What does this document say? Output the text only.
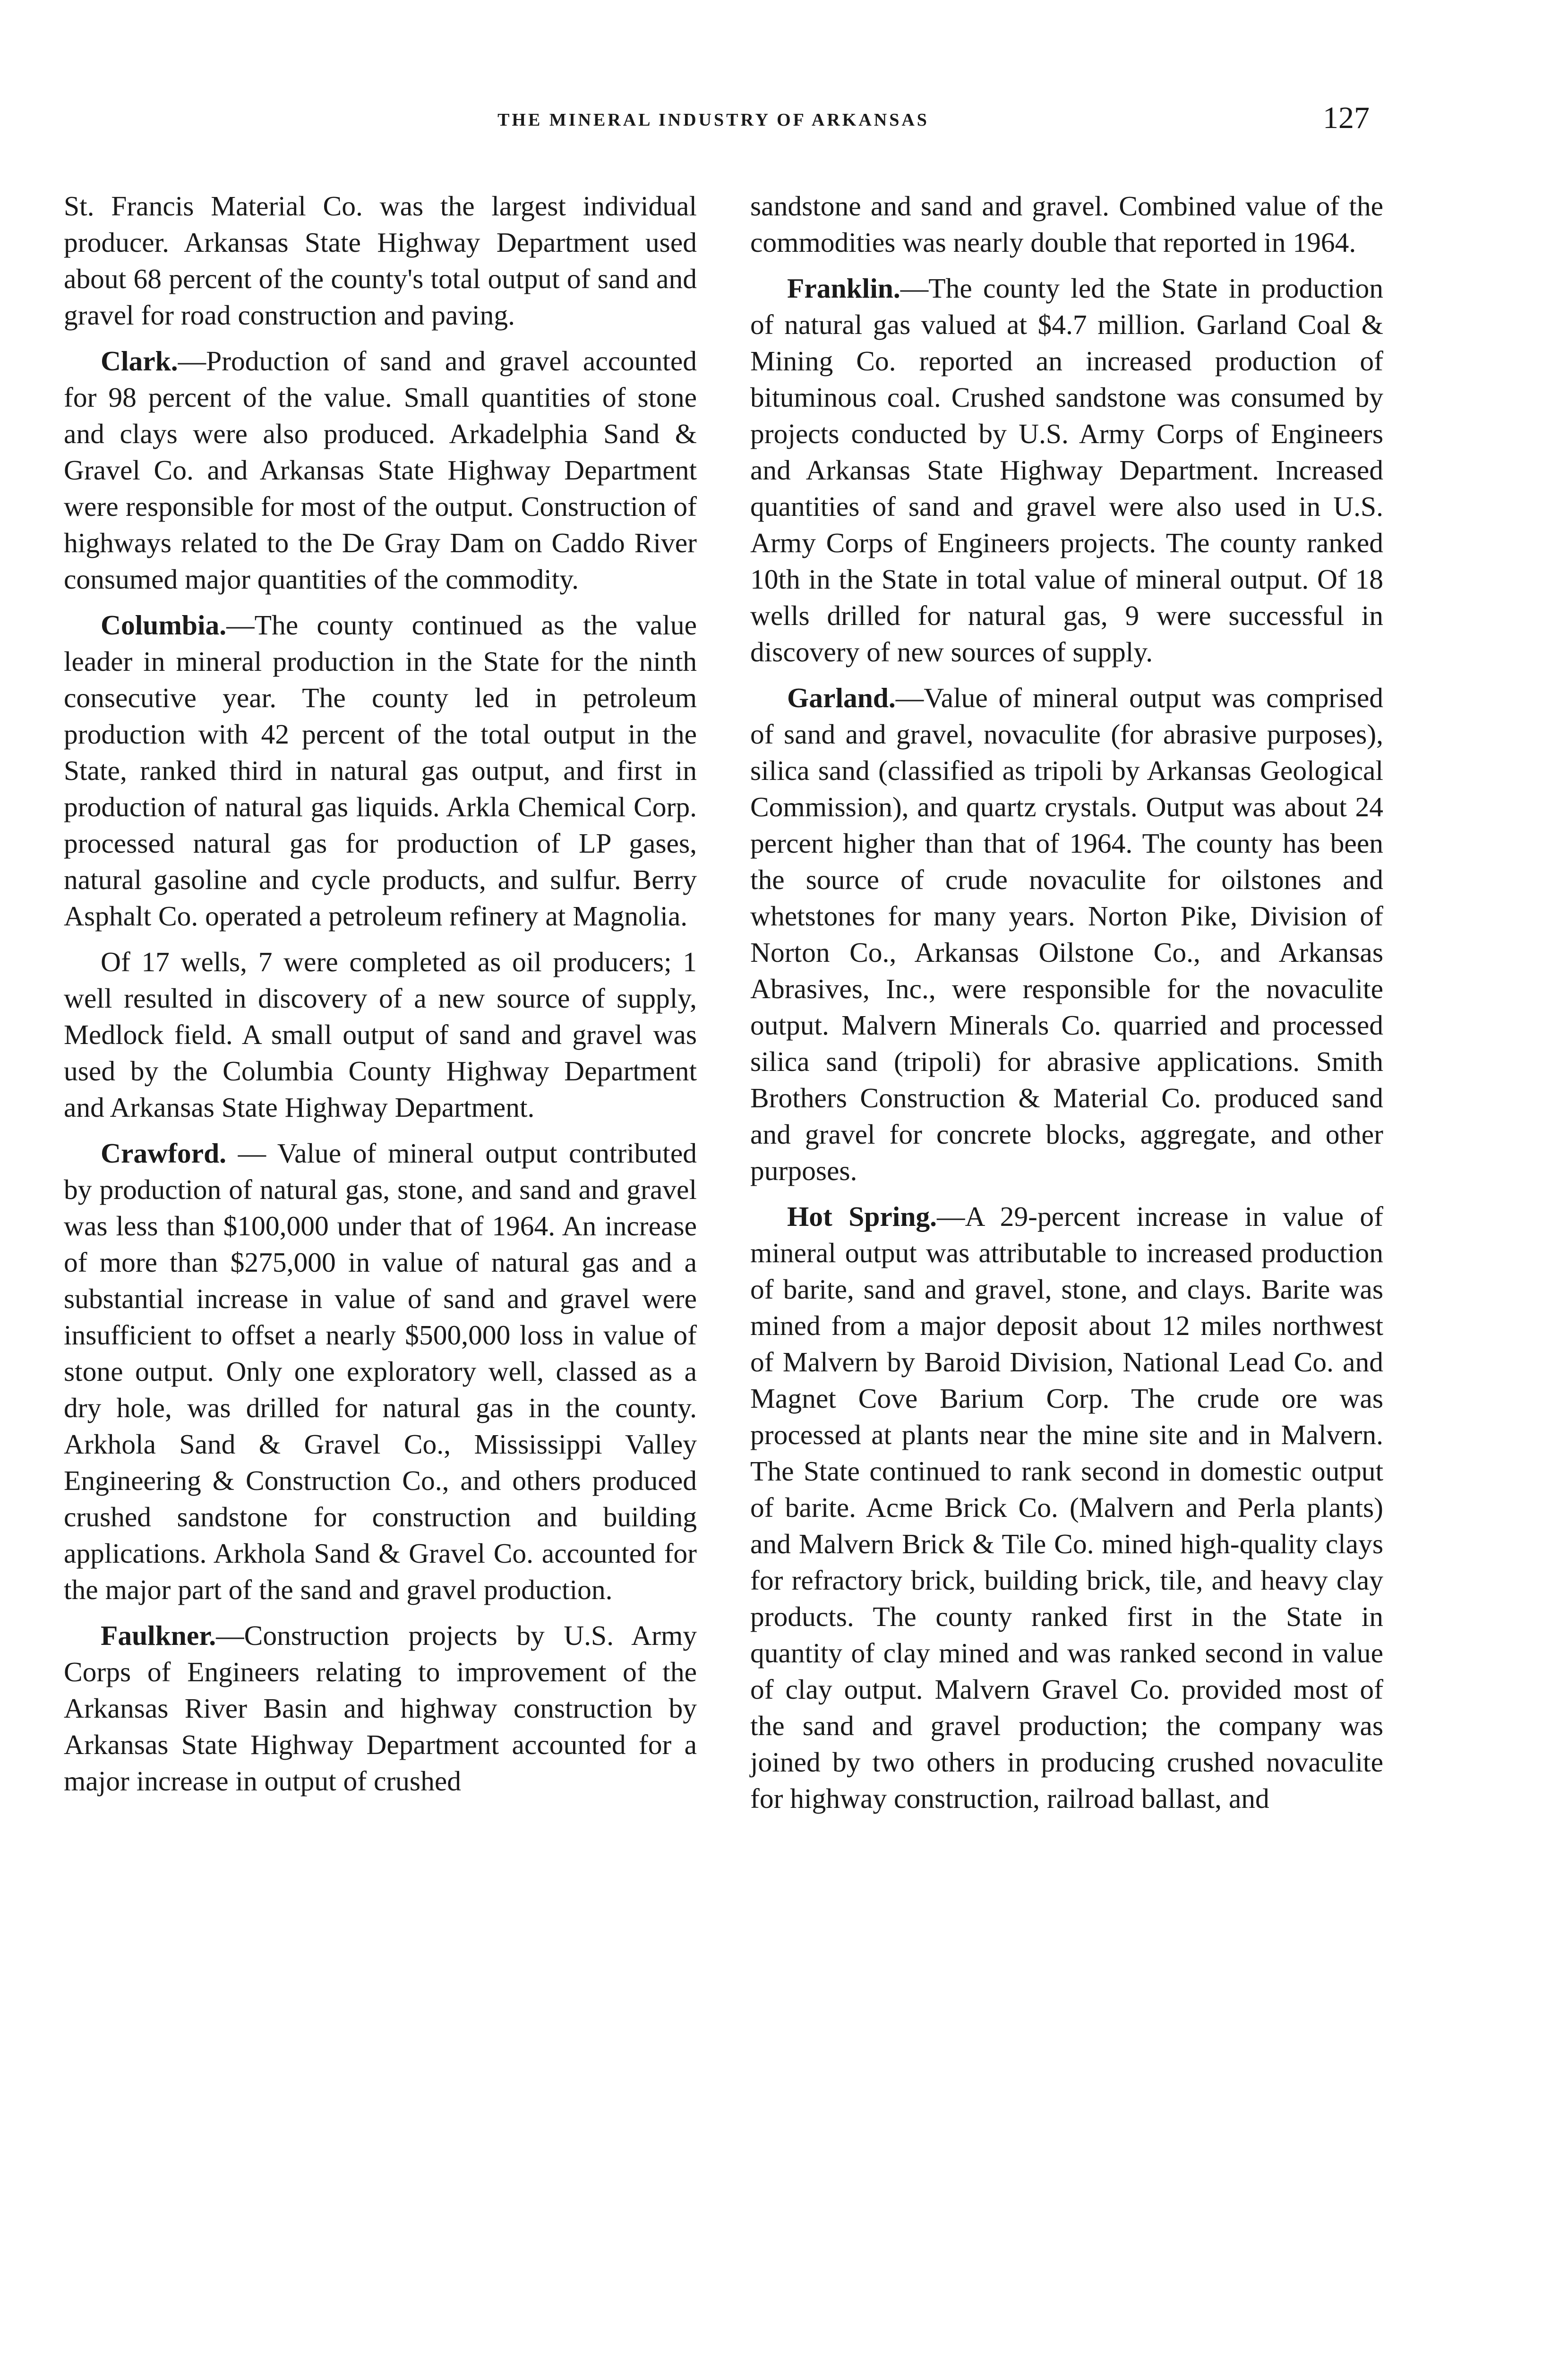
THE MINERAL INDUSTRY OF ARKANSAS	127

St. Francis Material Co. was the largest individual producer. Arkansas State Highway Department used about 68 percent of the county's total output of sand and gravel for road construction and paving.

Clark.—Production of sand and gravel accounted for 98 percent of the value. Small quantities of stone and clays were also produced. Arkadelphia Sand & Gravel Co. and Arkansas State Highway Department were responsible for most of the output. Construction of highways related to the De Gray Dam on Caddo River consumed major quantities of the commodity.

Columbia.—The county continued as the value leader in mineral production in the State for the ninth consecutive year. The county led in petroleum production with 42 percent of the total output in the State, ranked third in natural gas output, and first in production of natural gas liquids. Arkla Chemical Corp. processed natural gas for production of LP gases, natural gasoline and cycle products, and sulfur. Berry Asphalt Co. operated a petroleum refinery at Magnolia.

Of 17 wells, 7 were completed as oil producers; 1 well resulted in discovery of a new source of supply, Medlock field. A small output of sand and gravel was used by the Columbia County Highway Department and Arkansas State Highway Department.

Crawford. — Value of mineral output contributed by production of natural gas, stone, and sand and gravel was less than $100,000 under that of 1964. An increase of more than $275,000 in value of natural gas and a substantial increase in value of sand and gravel were insufficient to offset a nearly $500,000 loss in value of stone output. Only one exploratory well, classed as a dry hole, was drilled for natural gas in the county. Arkhola Sand & Gravel Co., Mississippi Valley Engineering & Construction Co., and others produced crushed sandstone for construction and building applications. Arkhola Sand & Gravel Co. accounted for the major part of the sand and gravel production.

Faulkner.—Construction projects by U.S. Army Corps of Engineers relating to improvement of the Arkansas River Basin and highway construction by Arkansas State Highway Department accounted for a major increase in output of crushed

sandstone and sand and gravel. Combined value of the commodities was nearly double that reported in 1964.

Franklin.—The county led the State in production of natural gas valued at $4.7 million. Garland Coal & Mining Co. reported an increased production of bituminous coal. Crushed sandstone was consumed by projects conducted by U.S. Army Corps of Engineers and Arkansas State Highway Department. Increased quantities of sand and gravel were also used in U.S. Army Corps of Engineers projects. The county ranked 10th in the State in total value of mineral output. Of 18 wells drilled for natural gas, 9 were successful in discovery of new sources of supply.

Garland.—Value of mineral output was comprised of sand and gravel, novaculite (for abrasive purposes), silica sand (classified as tripoli by Arkansas Geological Commission), and quartz crystals. Output was about 24 percent higher than that of 1964. The county has been the source of crude novaculite for oilstones and whetstones for many years. Norton Pike, Division of Norton Co., Arkansas Oilstone Co., and Arkansas Abrasives, Inc., were responsible for the novaculite output. Malvern Minerals Co. quarried and processed silica sand (tripoli) for abrasive applications. Smith Brothers Construction & Material Co. produced sand and gravel for concrete blocks, aggregate, and other purposes.

Hot Spring.—A 29-percent increase in value of mineral output was attributable to increased production of barite, sand and gravel, stone, and clays. Barite was mined from a major deposit about 12 miles northwest of Malvern by Baroid Division, National Lead Co. and Magnet Cove Barium Corp. The crude ore was processed at plants near the mine site and in Malvern. The State continued to rank second in domestic output of barite. Acme Brick Co. (Malvern and Perla plants) and Malvern Brick & Tile Co. mined high-quality clays for refractory brick, building brick, tile, and heavy clay products. The county ranked first in the State in quantity of clay mined and was ranked second in value of clay output. Malvern Gravel Co. provided most of the sand and gravel production; the company was joined by two others in producing crushed novaculite for highway construction, railroad ballast, and
